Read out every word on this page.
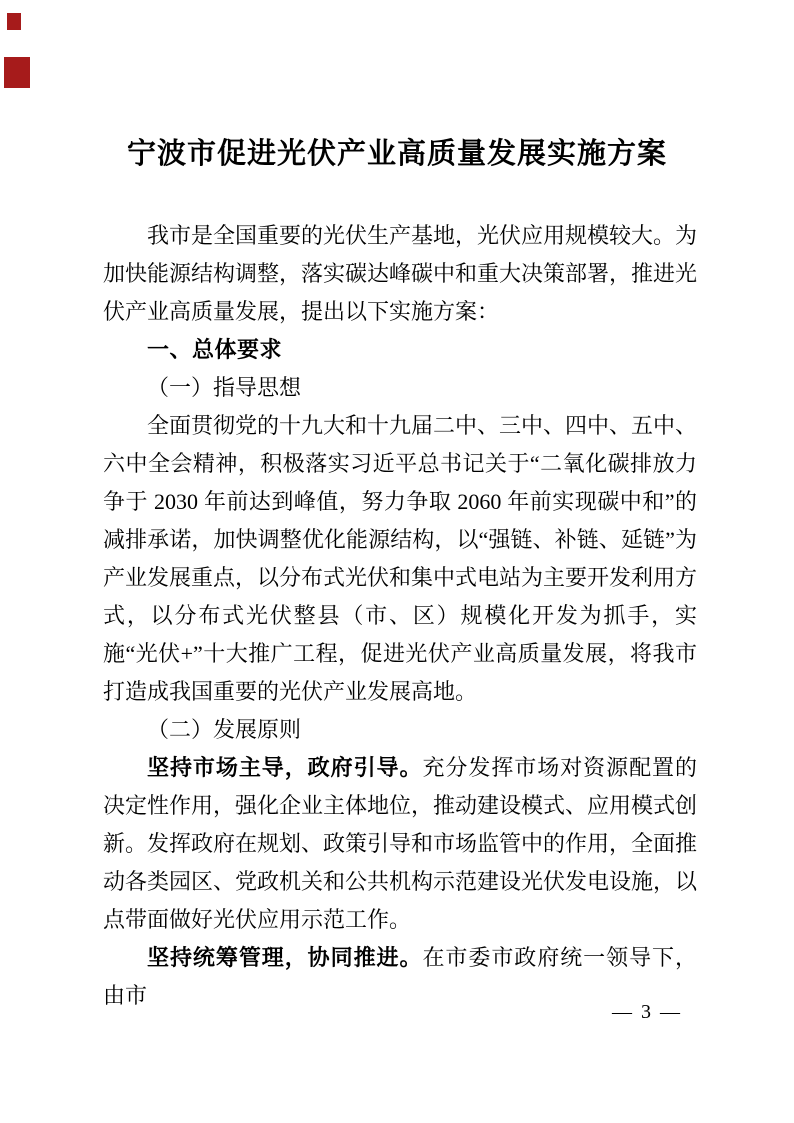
宁波市促进光伏产业高质量发展实施方案

我市是全国重要的光伏生产基地，光伏应用规模较大。为加快能源结构调整，落实碳达峰碳中和重大决策部署，推进光伏产业高质量发展，提出以下实施方案：

一、总体要求

（一）指导思想

全面贯彻党的十九大和十九届二中、三中、四中、五中、六中全会精神，积极落实习近平总书记关于“二氧化碳排放力争于 2030 年前达到峰值，努力争取 2060 年前实现碳中和”的减排承诺，加快调整优化能源结构，以“强链、补链、延链”为产业发展重点，以分布式光伏和集中式电站为主要开发利用方式，以分布式光伏整县（市、区）规模化开发为抓手，实施“光伏+”十大推广工程，促进光伏产业高质量发展，将我市打造成我国重要的光伏产业发展高地。

（二）发展原则

坚持市场主导，政府引导。充分发挥市场对资源配置的决定性作用，强化企业主体地位，推动建设模式、应用模式创新。发挥政府在规划、政策引导和市场监管中的作用，全面推动各类园区、党政机关和公共机构示范建设光伏发电设施，以点带面做好光伏应用示范工作。

坚持统筹管理，协同推进。在市委市政府统一领导下，由市

— 3 —
